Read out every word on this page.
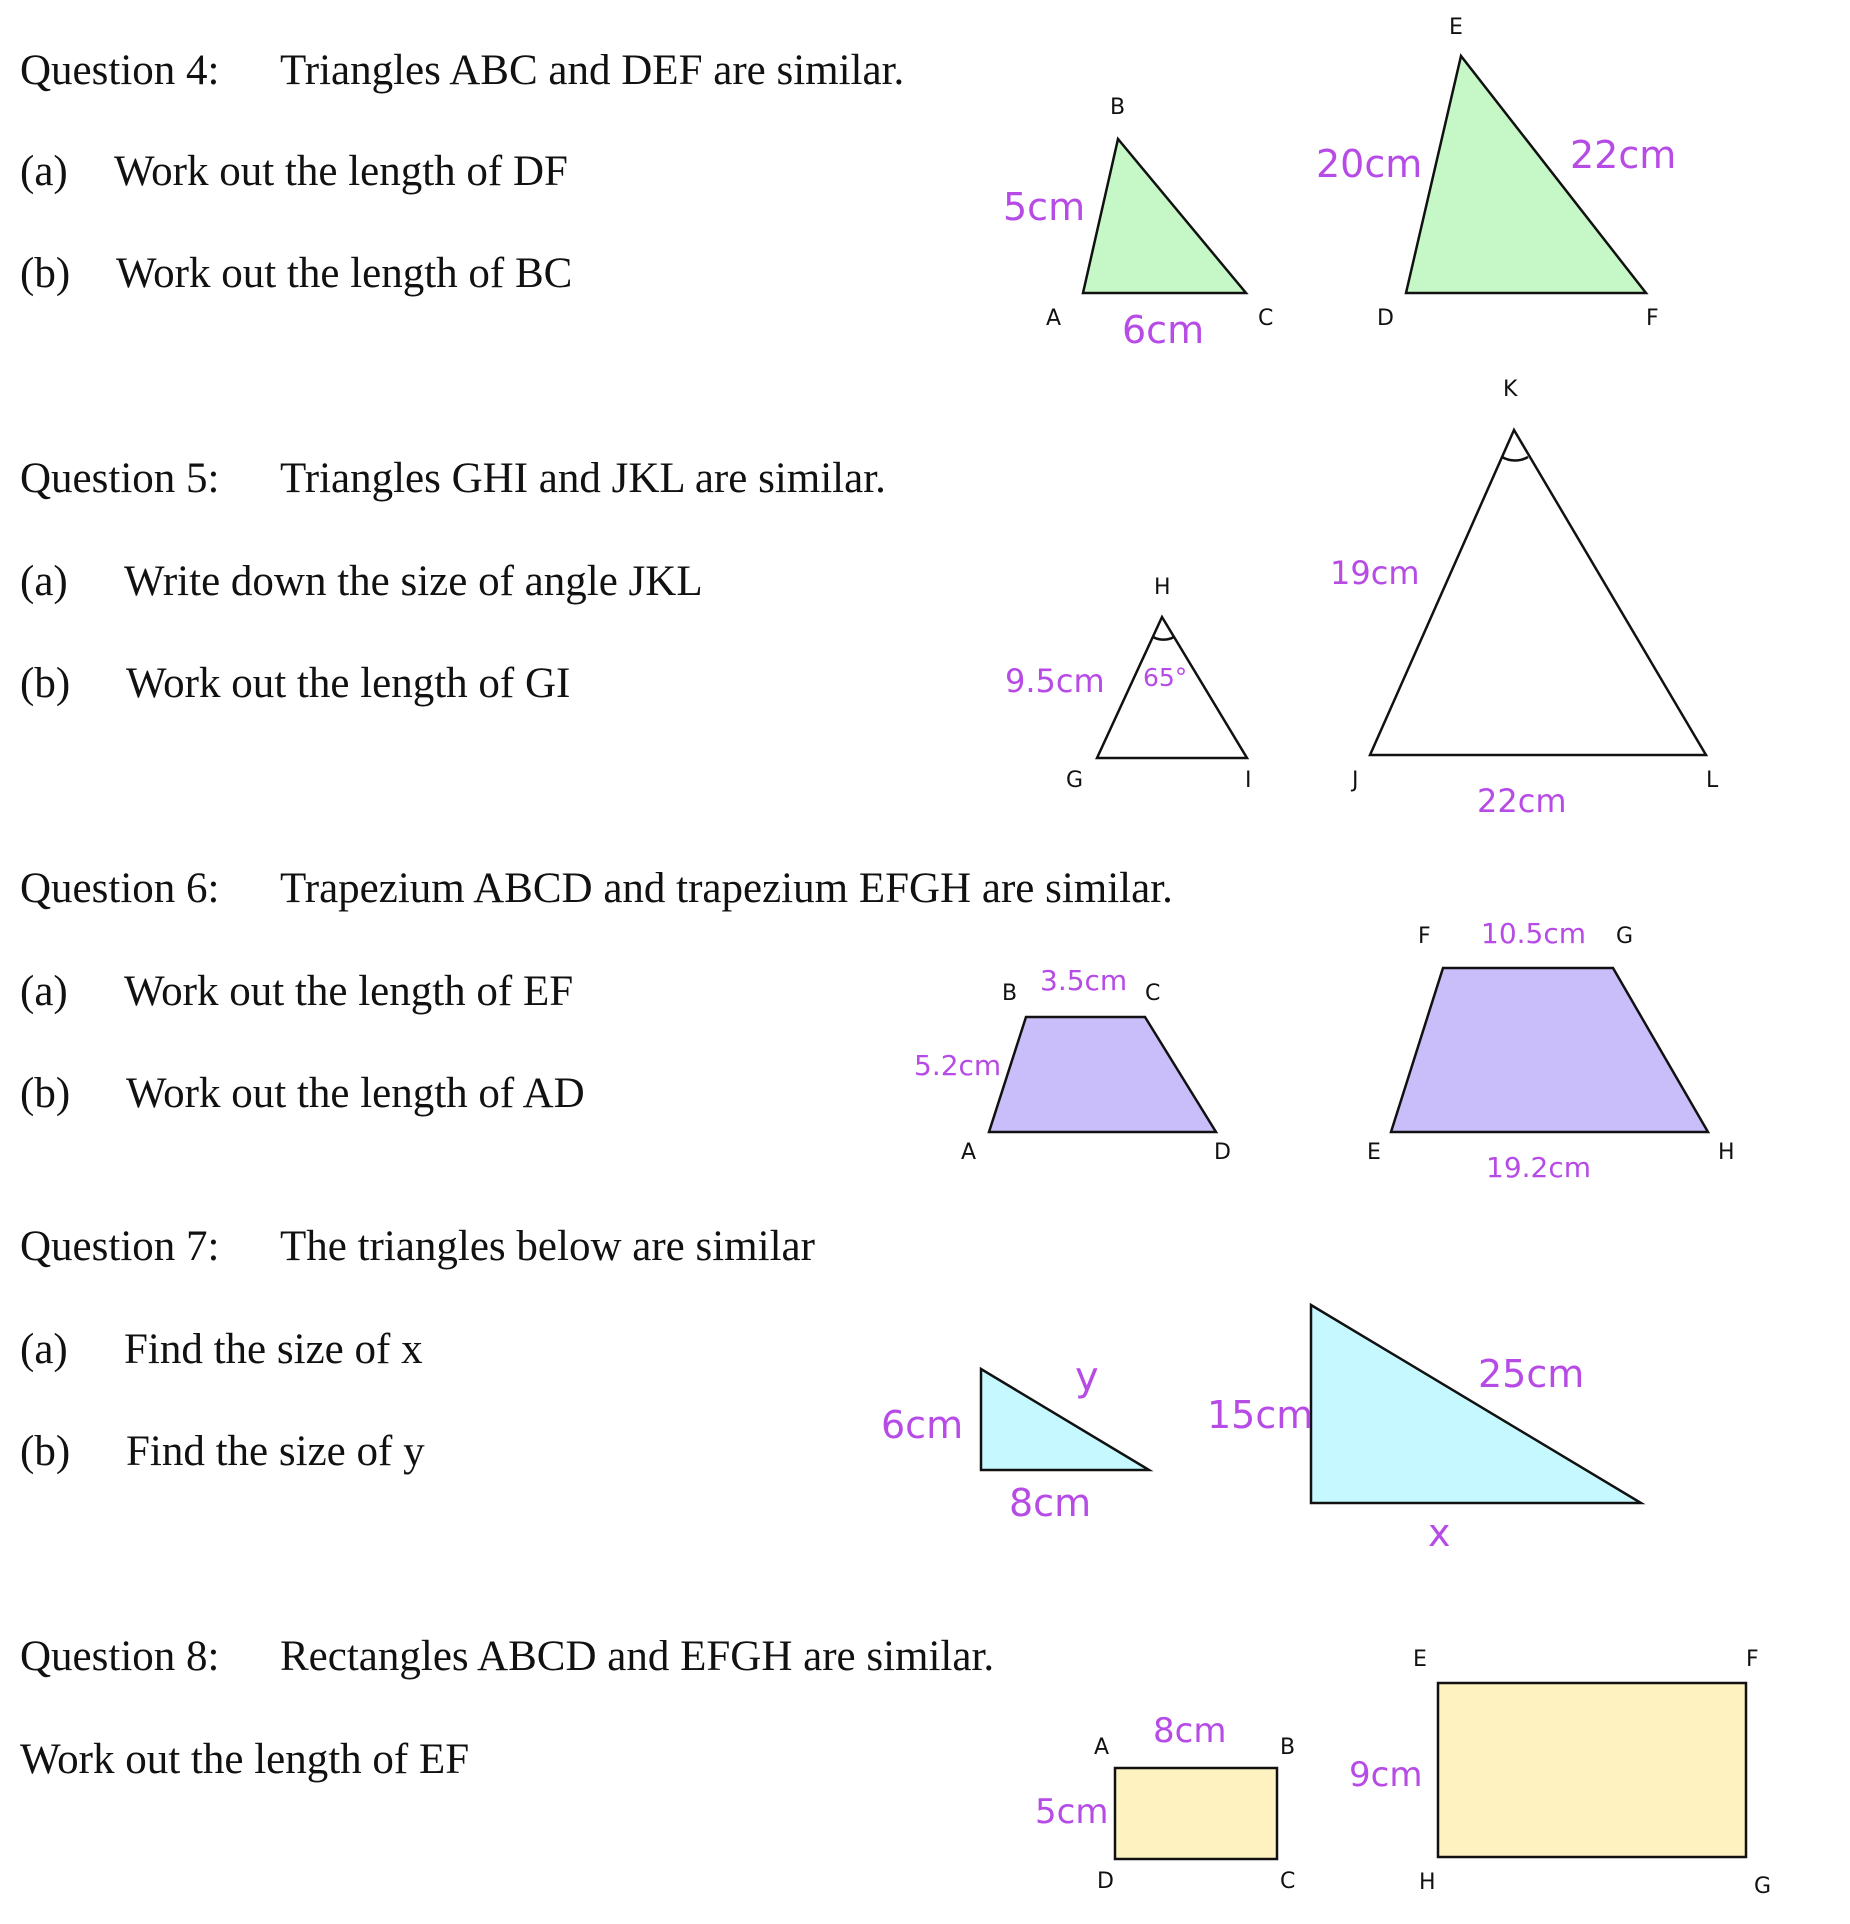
Question 4: Triangles ABC and DEF are similar.
(a) Work out the length of DF
(b) Work out the length of BC
Question 5: Triangles GHI and JKL are similar.
(a) Write down the size of angle JKL
(b) Work out the length of GI
Question 6: Trapezium ABCD and trapezium EFGH are similar.
(a) Work out the length of EF
(b) Work out the length of AD
Question 7: The triangles below are similar
(a) Find the size of x
(b) Find the size of y
Question 8: Rectangles ABCD and EFGH are similar.
Work out the length of EF
A
B
C
5cm
6cm	D
E
F
20cm	22cm
65°
G
H
I
9.5cm
J
K
L
19cm
22cm
A
B	C
D
3.5cm
5.2cm
E
F	G
H
10.5cm
19.2cm
6cm
8cm
y
15cm
x
25cm
A	B
C
D
8cm
5cm
E	F
G
H
9cm
